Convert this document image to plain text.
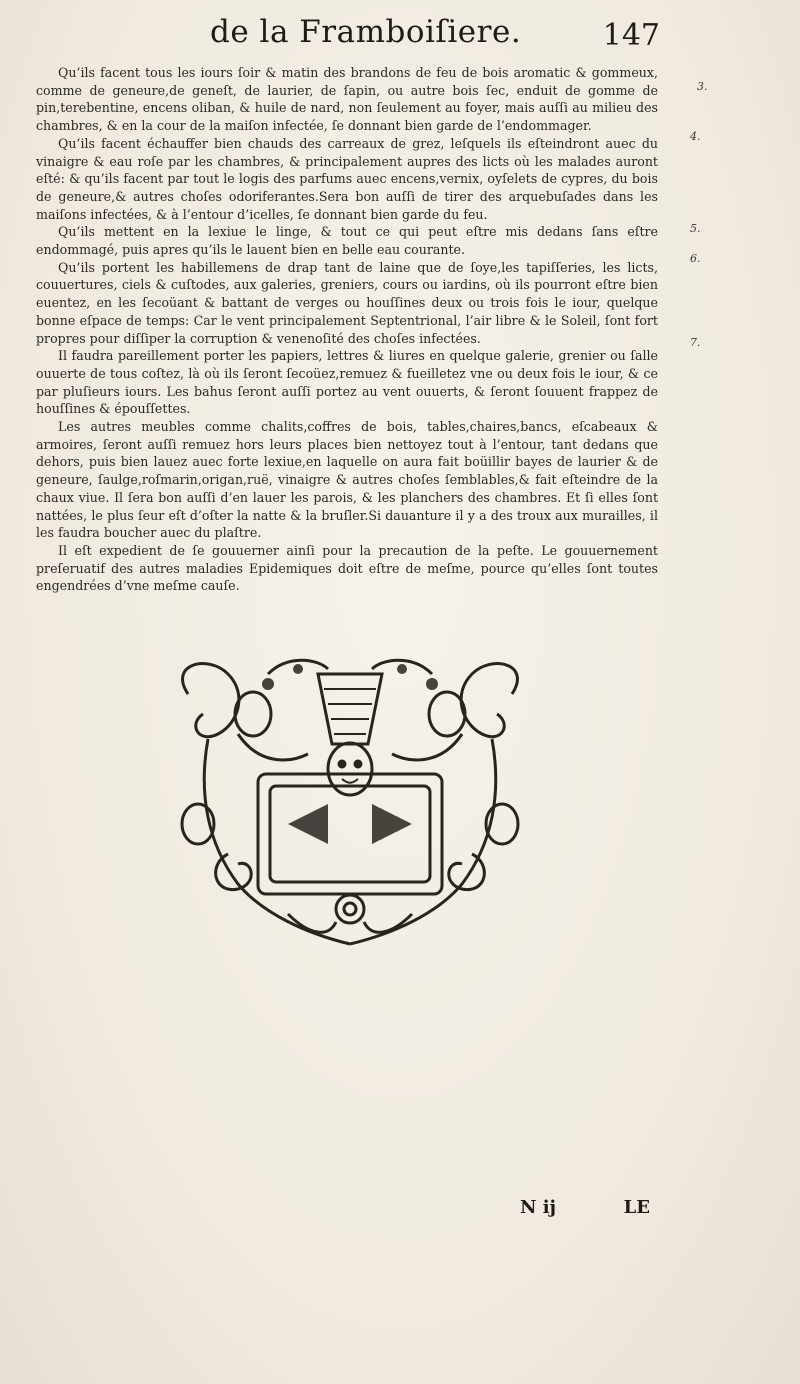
de la Framboiſiere.	147

Qu’ils facent tous les iours ſoir & matin des brandons de feu de bois aromatic & gommeux, comme de geneure,de geneſt, de laurier, de ſapin, ou autre bois ſec, enduit de gomme de pin,terebentine, encens oliban, & huile de nard, non ſeulement au foyer, mais auſſi au milieu des chambres, & en la cour de la maiſon infectée, ſe donnant bien garde de l’endommager.

Qu’ils facent échauffer bien chauds des carreaux de grez, leſquels ils eſteindront auec du vinaigre & eau roſe par les chambres, & principalement aupres des licts où les malades auront eſté: & qu’ils facent par tout le logis des parfums auec encens,vernix, oyſelets de cypres, du bois de geneure,& autres choſes odoriferantes.Sera bon auſſi de tirer des arquebuſades dans les maiſons infectées, & à l’entour d’icelles, ſe donnant bien garde du feu.

Qu’ils mettent en la lexiue le linge, & tout ce qui peut eſtre mis dedans ſans eſtre endommagé, puis apres qu’ils le lauent bien en belle eau courante.

Qu’ils portent les habillemens de drap tant de laine que de ſoye,les tapiſſeries, les licts, couuertures, ciels & cuſtodes, aux galeries, greniers, cours ou iardins, où ils pourront eſtre bien euentez, en les ſecoüant & battant de verges ou houſſines deux ou trois fois le iour, quelque bonne eſpace de temps: Car le vent principalement Septentrional, l’air libre & le Soleil, ſont fort propres pour diſſiper la corruption & venenoſité des choſes infectées.

Il faudra pareillement porter les papiers, lettres & liures en quelque galerie, grenier ou ſalle ouuerte de tous coſtez, là où ils ſeront ſecoüez,remuez & fueilletez vne ou deux fois le iour, & ce par pluſieurs iours. Les bahus ſeront auſſi portez au vent ouuerts, & ſeront ſouuent frappez de houſſines & épouſſettes.

Les autres meubles comme chalits,coffres de bois, tables,chaires,bancs, eſcabeaux & armoires, ſeront auſſi remuez hors leurs places bien nettoyez tout à l’entour, tant dedans que dehors, puis bien lauez auec forte lexiue,en laquelle on aura fait boüillir bayes de laurier & de geneure, ſaulge,roſmarin,origan,ruë, vinaigre & autres choſes ſemblables,& fait eſteindre de la chaux viue. Il ſera bon auſſi d’en lauer les parois, & les planchers des chambres. Et ſi elles ſont nattées, le plus ſeur eſt d’oſter la natte & la bruſler.Si dauanture il y a des troux aux murailles, il les faudra boucher auec du plaſtre.

Il eſt expedient de ſe gouuerner ainſi pour la precaution de la peſte. Le gouuernement preſeruatif des autres maladies Epidemiques doit eſtre de meſme, pource qu’elles ſont toutes engendrées d’vne meſme cauſe.

3.
4.
5.
6.
7.
N ij	LE
